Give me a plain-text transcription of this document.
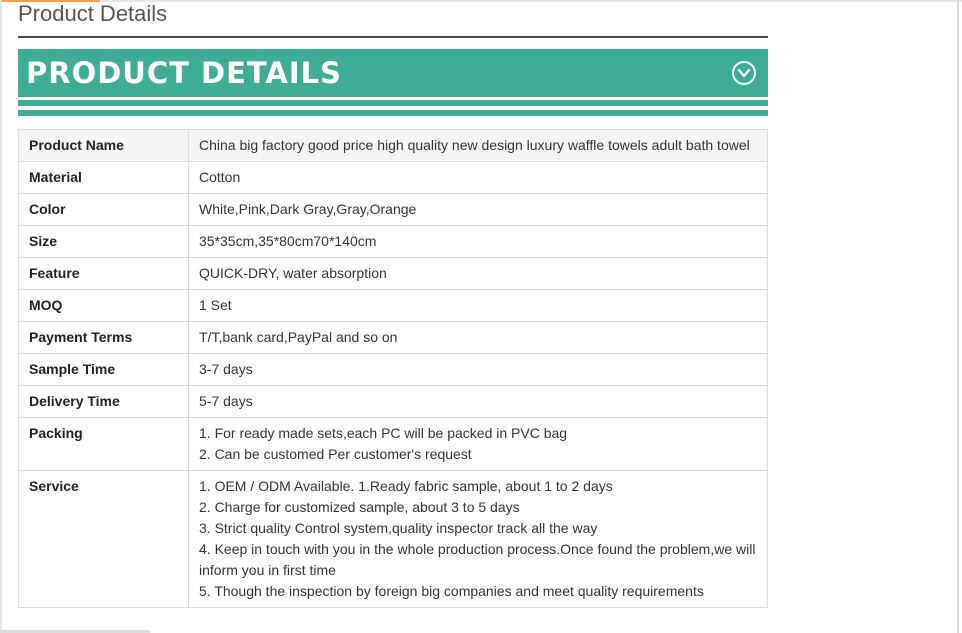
Product Details
PRODUCT DETAILS
Product Name	China big factory good price high quality new design luxury waffle towels adult bath towel

Material	Cotton

Color	White,Pink,Dark Gray,Gray,Orange

Size	35*35cm,35*80cm70*140cm

Feature	QUICK-DRY, water absorption

MOQ	1 Set

Payment Terms	T/T,bank card,PayPal and so on

Sample Time	3-7 days

Delivery Time	5-7 days

Packing	1. For ready made sets,each PC will be packed in PVC bag
2. Can be customed Per customer's request

Service	1. OEM / ODM Available. 1.Ready fabric sample, about 1 to 2 days
2. Charge for customized sample, about 3 to 5 days
3. Strict quality Control system,quality inspector track all the way
4. Keep in touch with you in the whole production process.Once found the problem,we will inform you in first time
5. Though the inspection by foreign big companies and meet quality requirements
